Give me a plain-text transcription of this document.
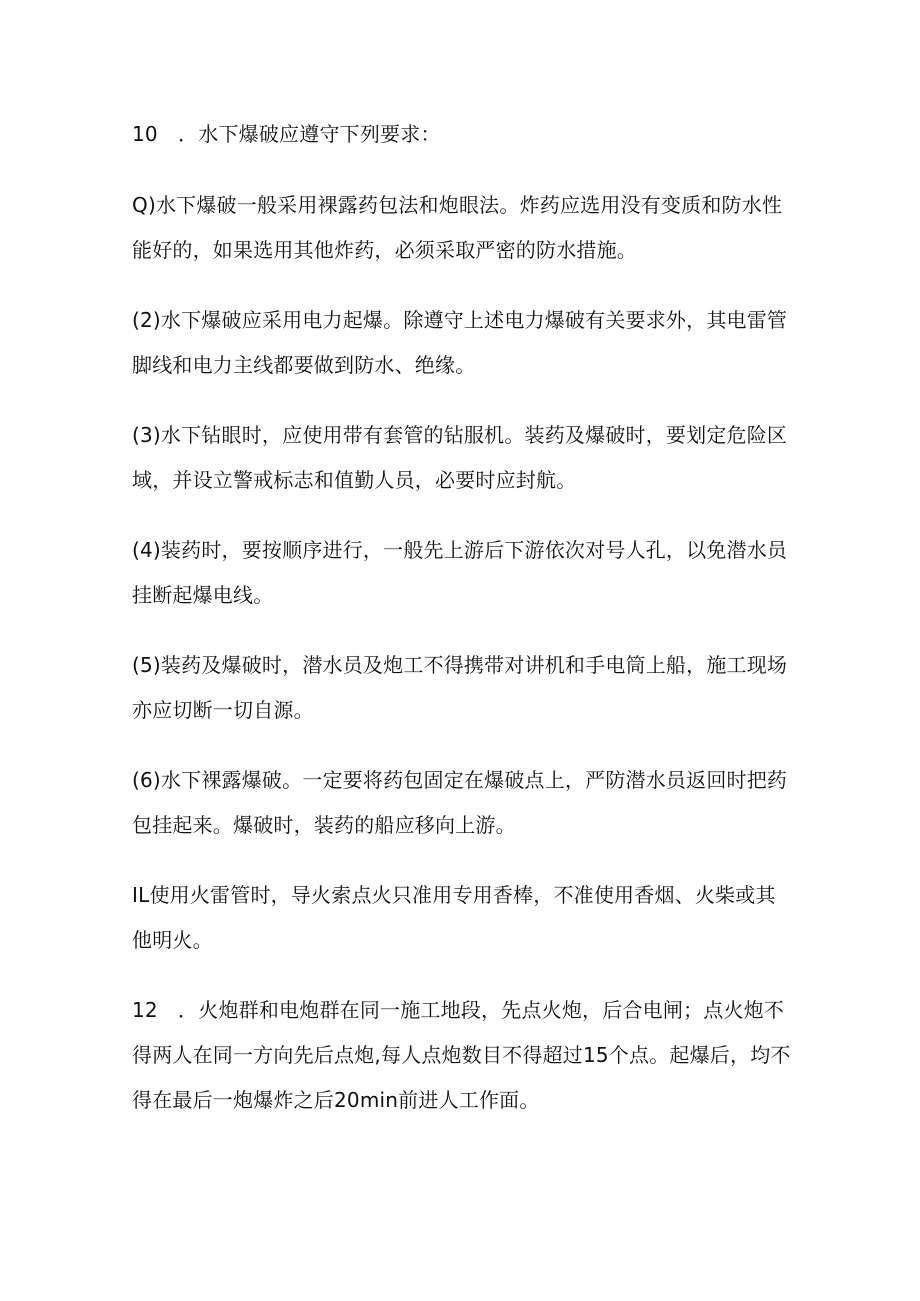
10　．水下爆破应遵守下列要求：

Q)水下爆破一般采用裸露药包法和炮眼法。炸药应选用没有变质和防水性能好的，如果选用其他炸药，必须采取严密的防水措施。

(2)水下爆破应采用电力起爆。除遵守上述电力爆破有关要求外，其电雷管脚线和电力主线都要做到防水、绝缘。

(3)水下钻眼时，应使用带有套管的钻服机。装药及爆破时，要划定危险区域，并设立警戒标志和值勤人员，必要时应封航。

(4)装药时，要按顺序进行，一般先上游后下游依次对号人孔，以免潜水员挂断起爆电线。

(5)装药及爆破时，潜水员及炮工不得携带对讲机和手电筒上船，施工现场亦应切断一切自源。

(6)水下裸露爆破。一定要将药包固定在爆破点上，严防潜水员返回时把药包挂起来。爆破时，装药的船应移向上游。

IL使用火雷管时，导火索点火只准用专用香棒，不准使用香烟、火柴或其他明火。

12　．火炮群和电炮群在同一施工地段，先点火炮，后合电闸；点火炮不得两人在同一方向先后点炮,每人点炮数目不得超过15个点。起爆后，均不得在最后一炮爆炸之后20min前进人工作面。
